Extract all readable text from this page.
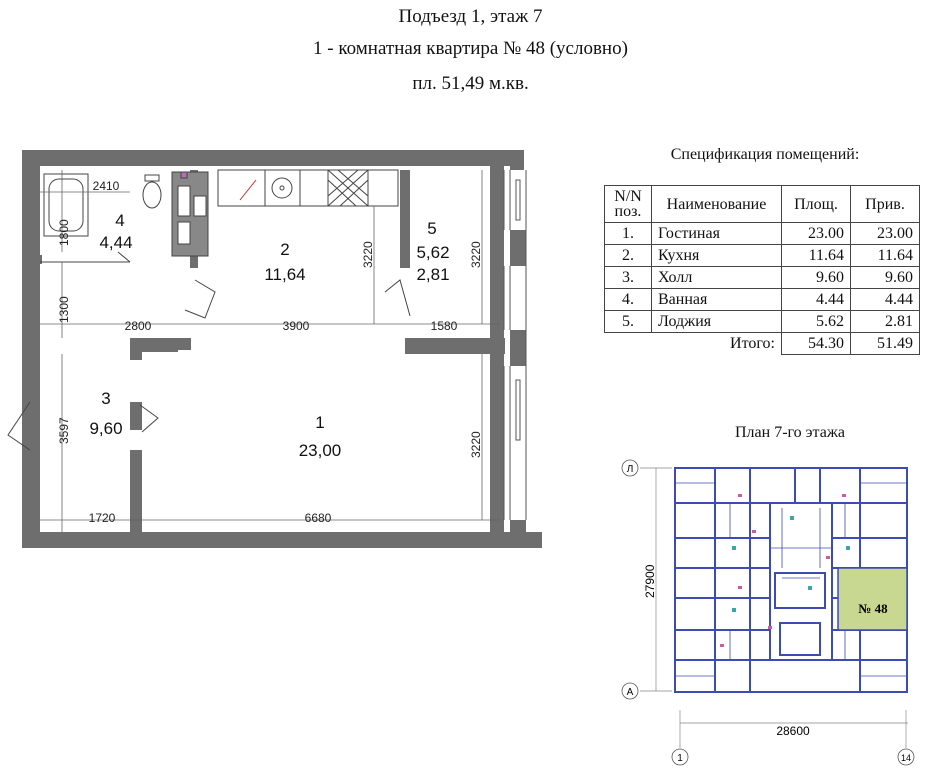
Подъезд 1, этаж 7
1 - комнатная квартира № 48 (условно)
пл. 51,49 м.кв.
4
4,44	2
11,64
5
5,62
2,81
3
9,60	1
23,00
2410
1800
1300
2800	3900	1580
3220	3220
3220
3597
1720	6680
Спецификация помещений:
N/N поз.	Наименование	Площ.	Прив.
1.	Гостиная	23.00	23.00
2.	Кухня	11.64	11.64
3.	Холл	9.60	9.60
4.	Ванная	4.44	4.44
5.	Лоджия	5.62	2.81
Итого:		54.30	51.49
План 7-го этажа
Л
А
1	14
27900
28600
№ 48
